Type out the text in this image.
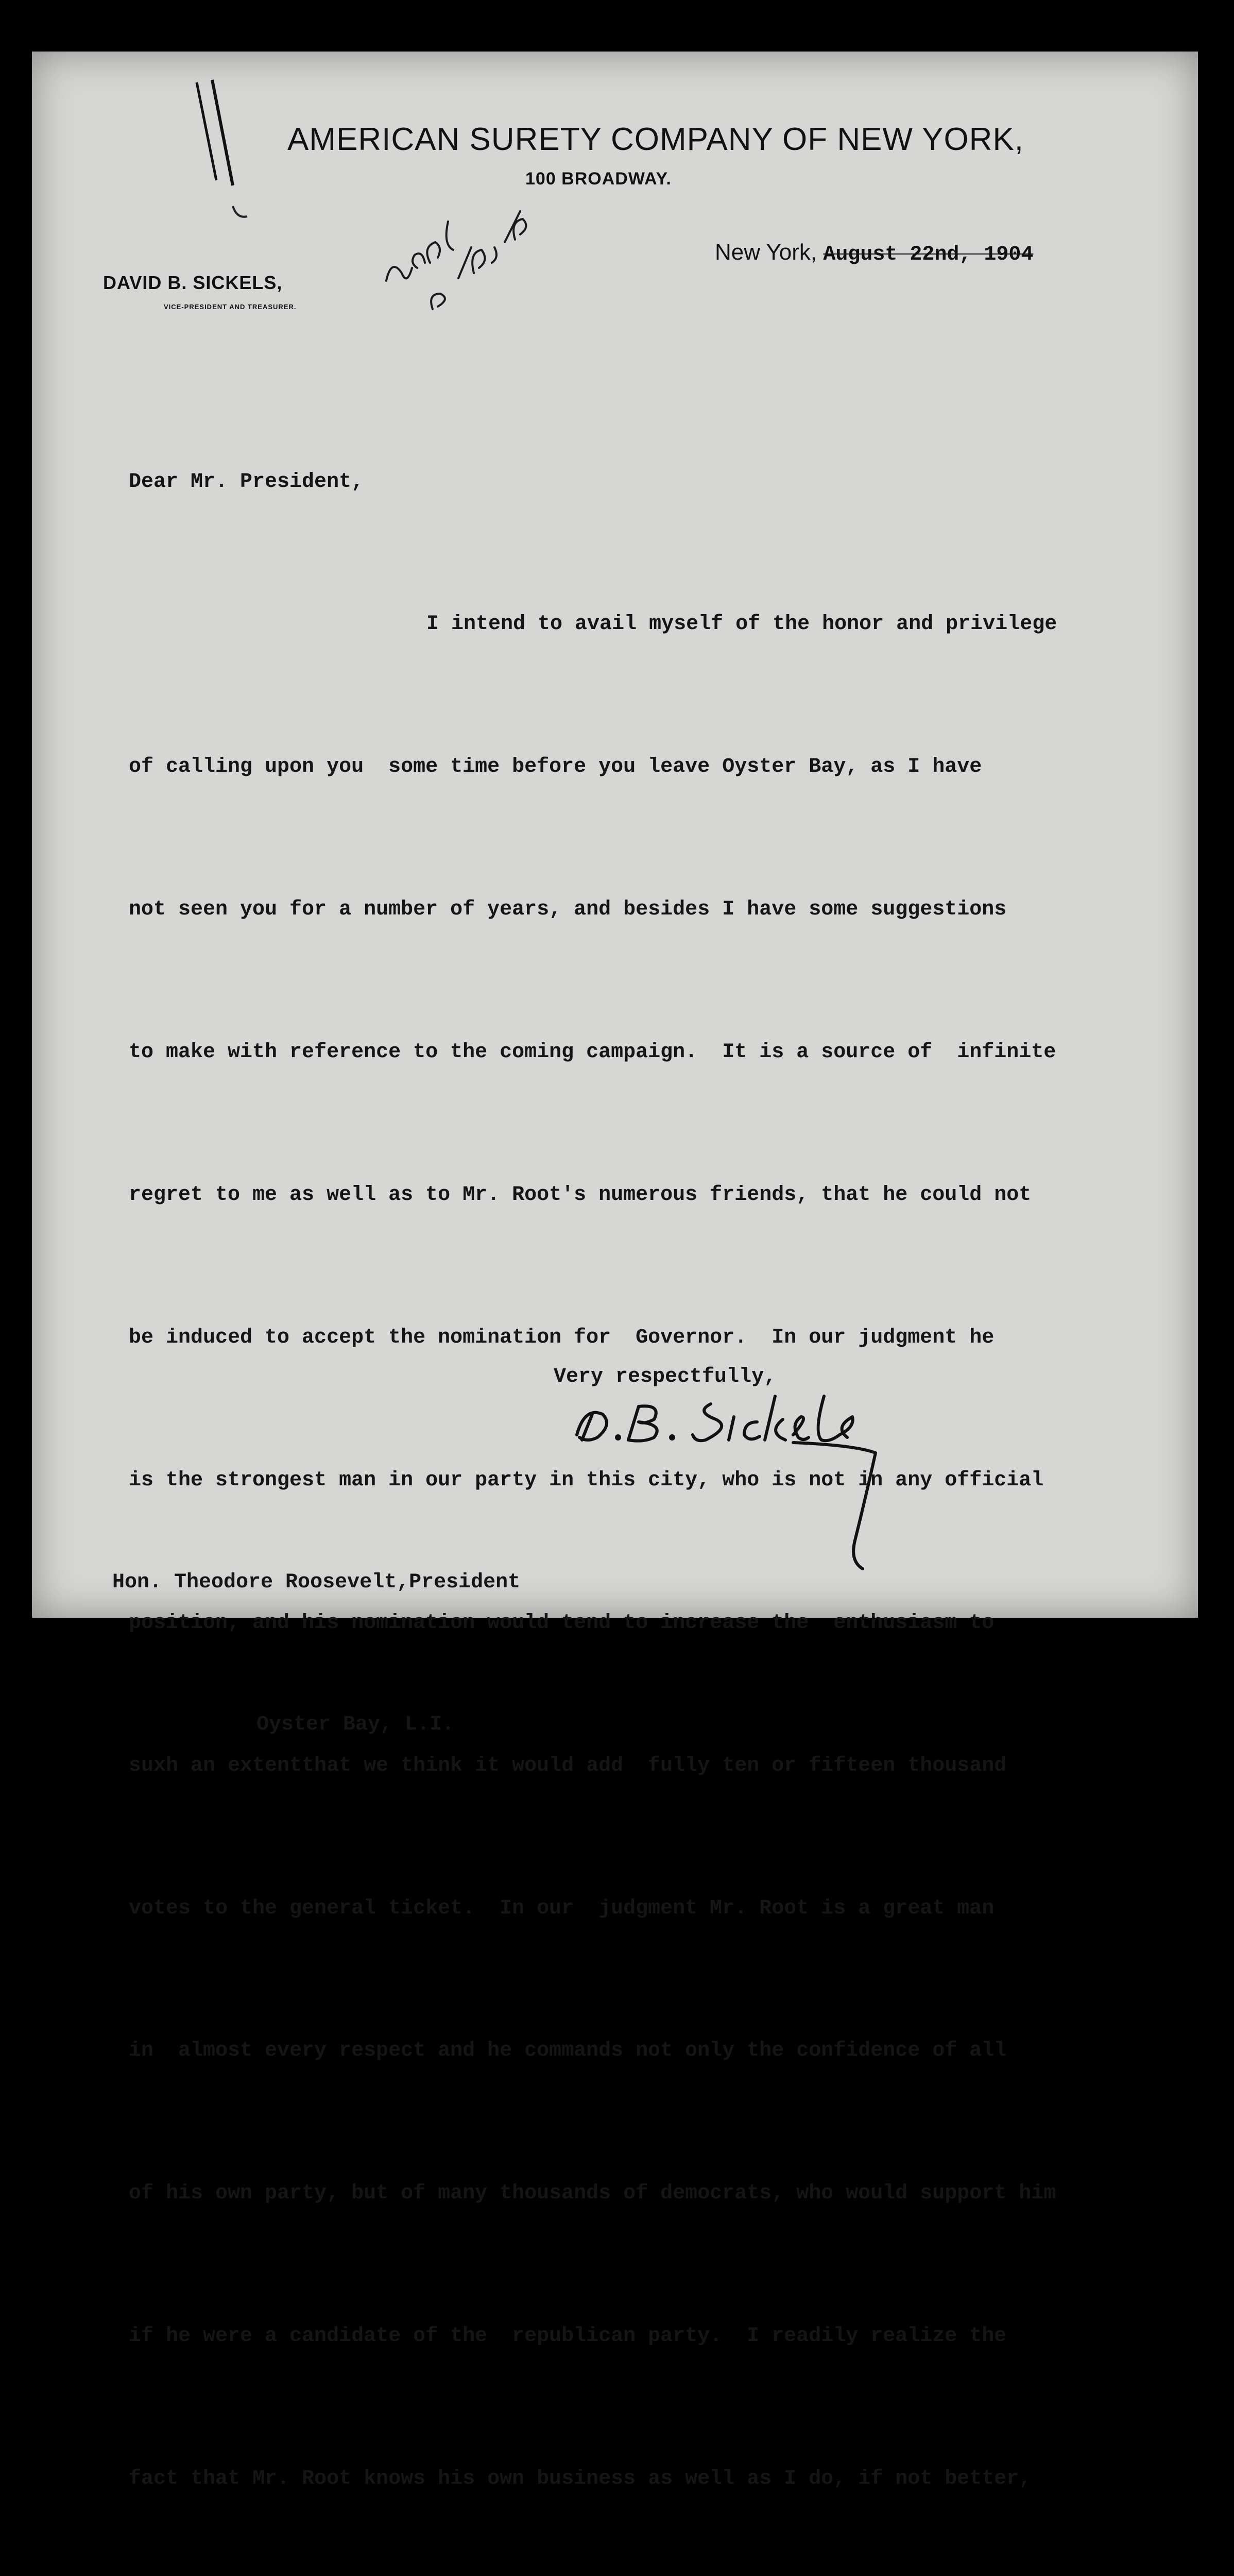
AMERICAN SURETY COMPANY OF NEW YORK,
100 BROADWAY.
DAVID B. SICKELS,
VICE-PRESIDENT AND TREASURER.
New York, August 22nd, 1904

Dear Mr. President,

I intend to avail myself of the honor and privilege

of calling upon you  some time before you leave Oyster Bay, as I have

not seen you for a number of years, and besides I have some suggestions

to make with reference to the coming campaign.  It is a source of  infinite

regret to me as well as to Mr. Root's numerous friends, that he could not

be induced to accept the nomination for  Governor.  In our judgment he

is the strongest man in our party in this city, who is not in any official

position, and his nomination would tend to increase the  enthusiasm to

suxh an extentthat we think it would add  fully ten or fifteen thousand

votes to the general ticket.  In our  judgment Mr. Root is a great man

in  almost every respect and he commands not only the confidence of all

of his own party, but of many thousands of democrats, who would support him

if he were a candidate of the  republican party.  I readily realize the

fact that Mr. Root knows his own business as well as I do, if not better,

Very respectfully,

Hon. Theodore Roosevelt,President

Oyster Bay, L.I.
